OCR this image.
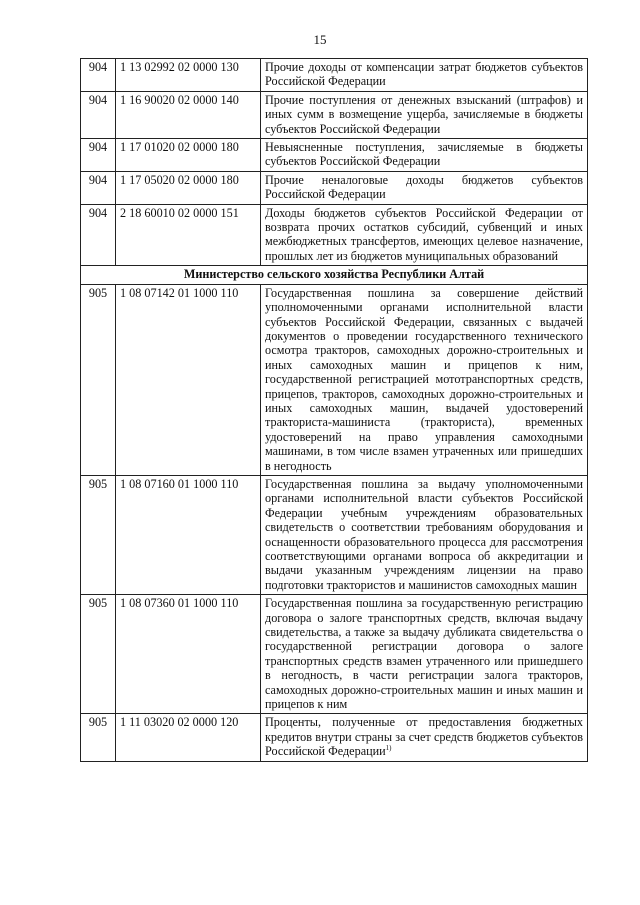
15
904	1 13 02992 02 0000 130	Прочие доходы от компенсации затрат бюджетов субъектов Российской Федерации
904	1 16 90020 02 0000 140	Прочие поступления от денежных взысканий (штрафов) и иных сумм в возмещение ущерба, зачисляемые в бюджеты субъектов Российской Федерации
904	1 17 01020 02 0000 180	Невыясненные поступления, зачисляемые в бюджеты субъектов Российской Федерации
904	1 17 05020 02 0000 180	Прочие неналоговые доходы бюджетов субъектов Российской Федерации
904	2 18 60010 02 0000 151	Доходы бюджетов субъектов Российской Федерации от возврата прочих остатков субсидий, субвенций и иных межбюджетных трансфертов, имеющих целевое назначение, прошлых лет из бюджетов муниципальных образований
Министерство сельского хозяйства Республики Алтай		
905	1 08 07142 01 1000 110	Государственная пошлина за совершение действий уполномоченными органами исполнительной власти субъектов Российской Федерации, связанных с выдачей документов о проведении государственного технического осмотра тракторов, самоходных дорожно-строительных и иных самоходных машин и прицепов к ним, государственной регистрацией мототранспортных средств, прицепов, тракторов, самоходных дорожно-строительных и иных самоходных машин, выдачей удостоверений тракториста-машиниста (тракториста), временных удостоверений на право управления самоходными машинами, в том числе взамен утраченных или пришедших в негодность
905	1 08 07160 01 1000 110	Государственная пошлина за выдачу уполномоченными органами исполнительной власти субъектов Российской Федерации учебным учреждениям образовательных свидетельств о соответствии требованиям оборудования и оснащенности образовательного процесса для рассмотрения соответствующими органами вопроса об аккредитации и выдачи указанным учреждениям лицензии на право подготовки трактористов и машинистов самоходных машин
905	1 08 07360 01 1000 110	Государственная пошлина за государственную регистрацию договора о залоге транспортных средств, включая выдачу свидетельства, а также за выдачу дубликата свидетельства о государственной регистрации договора о залоге транспортных средств взамен утраченного или пришедшего в негодность, в части регистрации залога тракторов, самоходных дорожно-строительных машин и иных машин и прицепов к ним
905	1 11 03020 02 0000 120	Проценты, полученные от предоставления бюджетных кредитов внутри страны за счет средств бюджетов субъектов Российской Федерации$^{1)}$
